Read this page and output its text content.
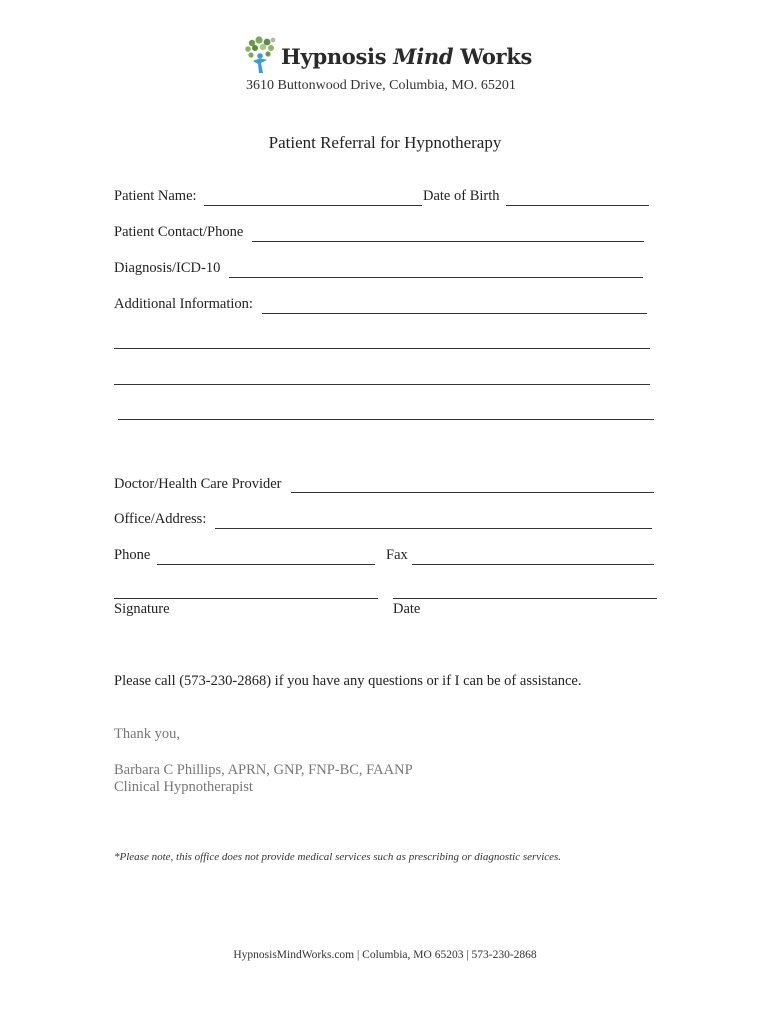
Hypnosis Mind Works
3610 Buttonwood Drive, Columbia, MO. 65201
Patient Referral for Hypnotherapy
Patient Name:	Date of Birth
Patient Contact/Phone
Diagnosis/ICD-10
Additional Information:
Doctor/Health Care Provider
Office/Address:
Phone	Fax
Signature	Date
Please call (573-230-2868) if you have any questions or if I can be of assistance.
Thank you,
Barbara C Phillips, APRN, GNP, FNP-BC, FAANP
Clinical Hypnotherapist
*Please note, this office does not provide medical services such as prescribing or diagnostic services.
HypnosisMindWorks.com | Columbia, MO 65203 | 573-230-2868
